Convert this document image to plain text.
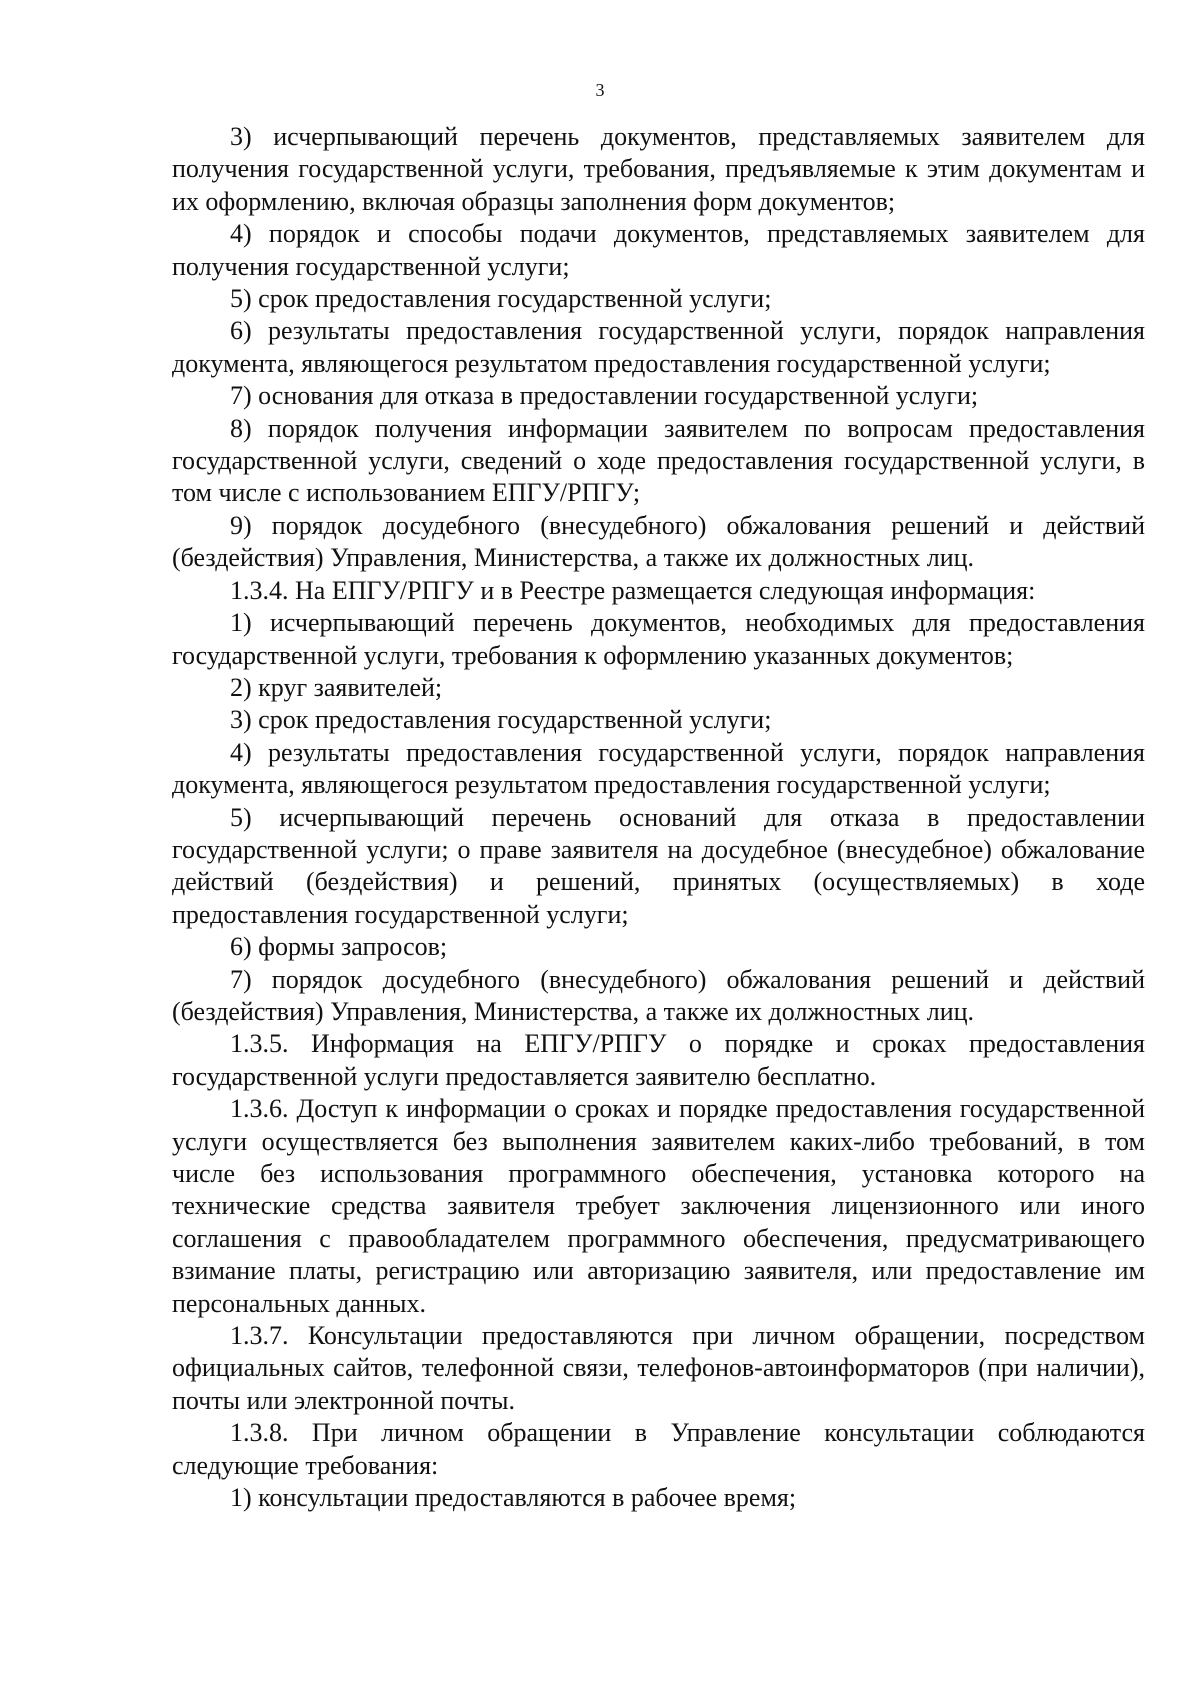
3

3) исчерпывающий перечень документов, представляемых заявителем для получения государственной услуги, требования, предъявляемые к этим документам и их оформлению, включая образцы заполнения форм документов;

4) порядок и способы подачи документов, представляемых заявителем для получения государственной услуги;

5) срок предоставления государственной услуги;

6) результаты предоставления государственной услуги, порядок направления документа, являющегося результатом предоставления государственной услуги;

7) основания для отказа в предоставлении государственной услуги;

8) порядок получения информации заявителем по вопросам предоставления государственной услуги, сведений о ходе предоставления государственной услуги, в том числе с использованием ЕПГУ/РПГУ;

9) порядок досудебного (внесудебного) обжалования решений и действий (бездействия) Управления, Министерства, а также их должностных лиц.

1.3.4. На ЕПГУ/РПГУ и в Реестре размещается следующая информация:

1) исчерпывающий перечень документов, необходимых для предоставления государственной услуги, требования к оформлению указанных документов;

2) круг заявителей;

3) срок предоставления государственной услуги;

4) результаты предоставления государственной услуги, порядок направления документа, являющегося результатом предоставления государственной услуги;

5) исчерпывающий перечень оснований для отказа в предоставлении государственной услуги; о праве заявителя на досудебное (внесудебное) обжалование действий (бездействия) и решений, принятых (осуществляемых) в ходе предоставления государственной услуги;

6) формы запросов;

7) порядок досудебного (внесудебного) обжалования решений и действий (бездействия) Управления, Министерства, а также их должностных лиц.

1.3.5. Информация на ЕПГУ/РПГУ о порядке и сроках предоставления государственной услуги предоставляется заявителю бесплатно.

1.3.6. Доступ к информации о сроках и порядке предоставления государственной услуги осуществляется без выполнения заявителем каких-либо требований, в том числе без использования программного обеспечения, установка которого на технические средства заявителя требует заключения лицензионного или иного соглашения с правообладателем программного обеспечения, предусматривающего взимание платы, регистрацию или авторизацию заявителя, или предоставление им персональных данных.

1.3.7. Консультации предоставляются при личном обращении, посредством официальных сайтов, телефонной связи, телефонов-автоинформаторов (при наличии), почты или электронной почты.

1.3.8. При личном обращении в Управление консультации соблюдаются следующие требования:

1) консультации предоставляются в рабочее время;
